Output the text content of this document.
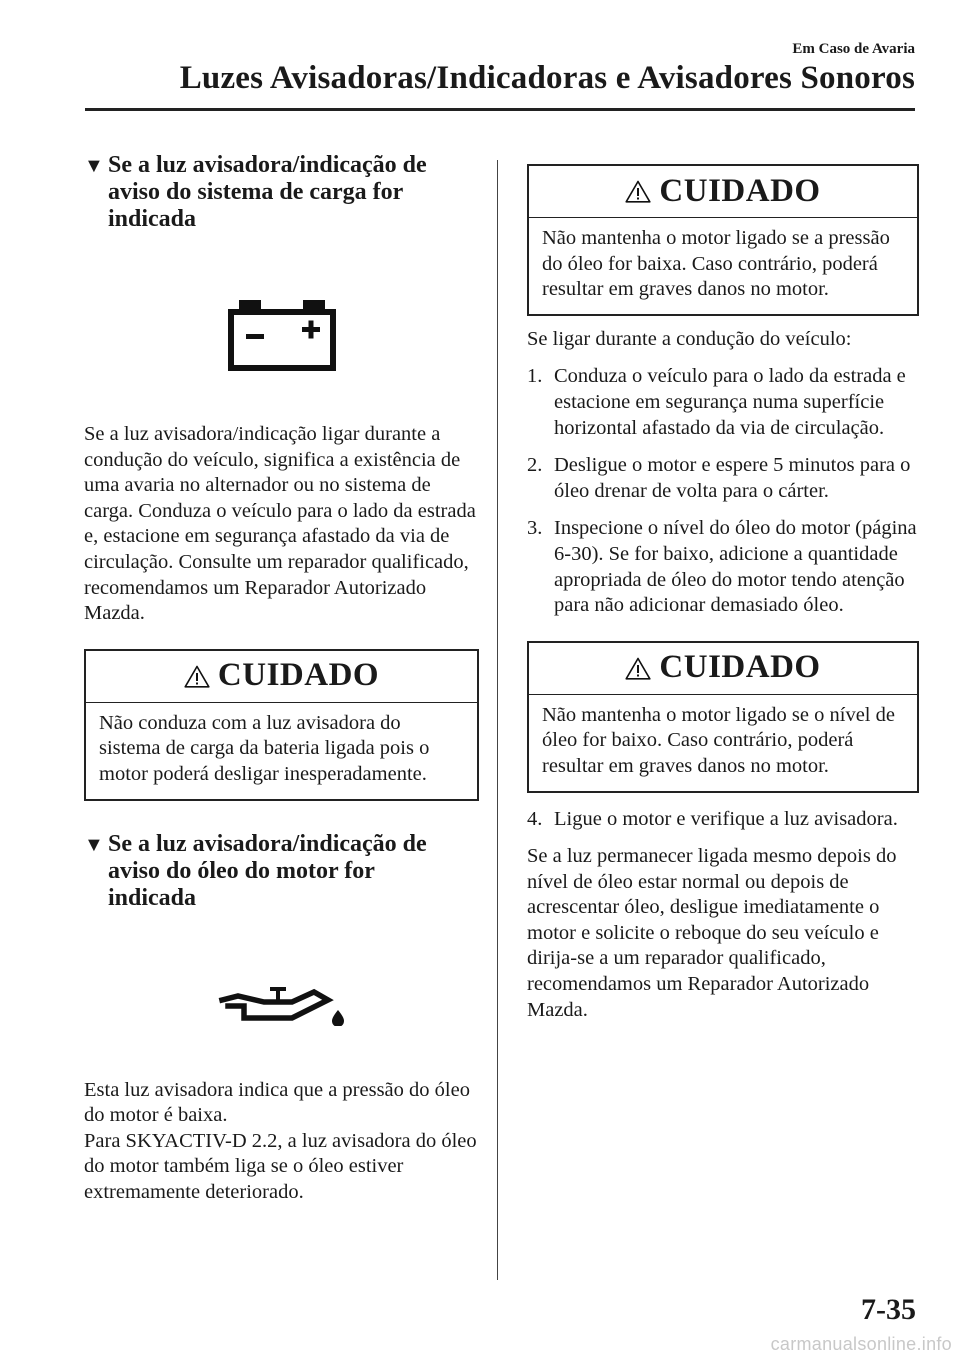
Em Caso de Avaria
Luzes Avisadoras/Indicadoras e Avisadores Sonoros
▼ Se a luz avisadora/indicação de
aviso do sistema de carga for
indicada

Se a luz avisadora/indicação ligar durante a condução do veículo, significa a existência de uma avaria no alternador ou no sistema de carga. Conduza o veículo para o lado da estrada e, estacione em segurança afastado da via de circulação. Consulte um reparador qualificado, recomendamos um Reparador Autorizado Mazda.

CUIDADO
Não conduza com a luz avisadora do sistema de carga da bateria ligada pois o motor poderá desligar inesperadamente.
▼ Se a luz avisadora/indicação de
aviso do óleo do motor for
indicada

Esta luz avisadora indica que a pressão do óleo do motor é baixa.

Para SKYACTIV-D 2.2, a luz avisadora do óleo do motor também liga se o óleo estiver extremamente deteriorado.

CUIDADO
Não mantenha o motor ligado se a pressão do óleo for baixa. Caso contrário, poderá resultar em graves danos no motor.

Se ligar durante a condução do veículo:

1. Conduza o veículo para o lado da estrada e estacione em segurança numa superfície horizontal afastado da via de circulação.
2. Desligue o motor e espere 5 minutos para o óleo drenar de volta para o cárter.
3. Inspecione o nível do óleo do motor (página 6-30). Se for baixo, adicione a quantidade apropriada de óleo do motor tendo atenção para não adicionar demasiado óleo.
CUIDADO
Não mantenha o motor ligado se o nível de óleo for baixo. Caso contrário, poderá resultar em graves danos no motor.
4. Ligue o motor e verifique a luz avisadora.

Se a luz permanecer ligada mesmo depois do nível de óleo estar normal ou depois de acrescentar óleo, desligue imediatamente o motor e solicite o reboque do seu veículo e dirija-se a um reparador qualificado, recomendamos um Reparador Autorizado Mazda.

7-35
carmanualsonline.info
